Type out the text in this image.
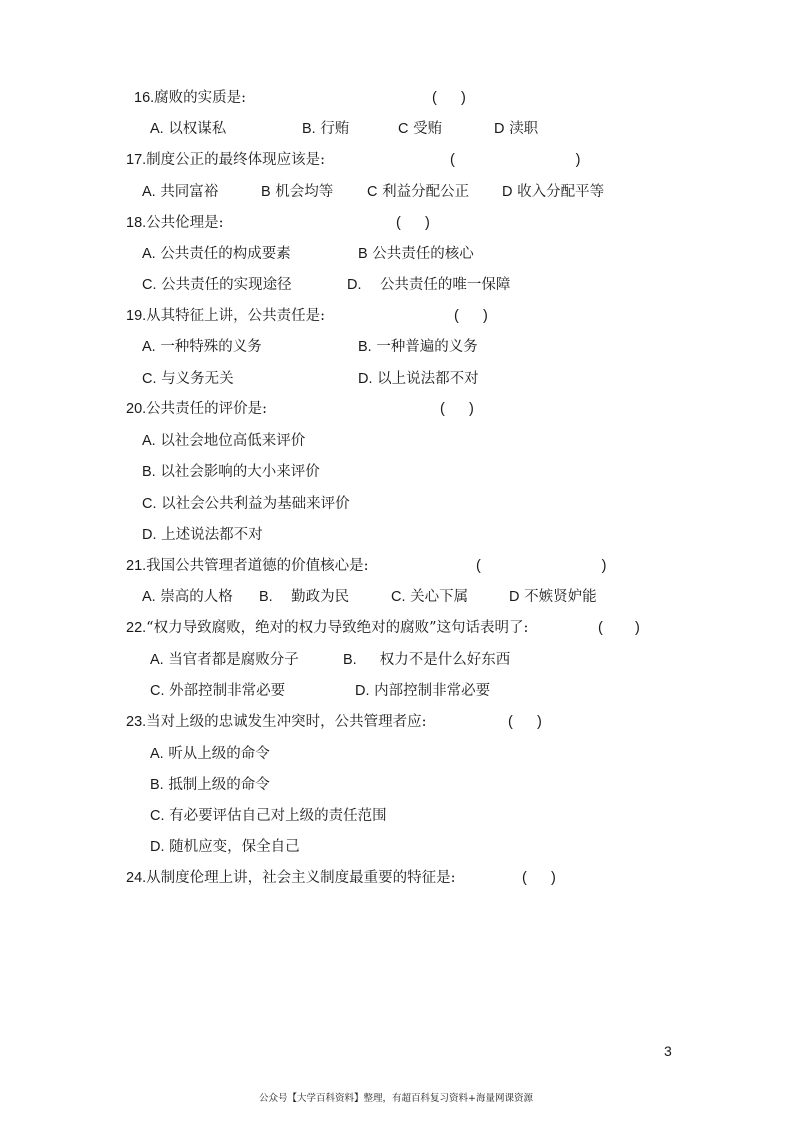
16.腐败的实质是:	(      )
A. 以权谋私	B. 行贿	C 受贿	D 渎职
17.制度公正的最终体现应该是:	(                              )
A. 共同富裕	B 机会均等 C 利益分配公正 D 收入分配平等
18.公共伦理是:	(      )
A. 公共责任的构成要素	B 公共责任的核心
C. 公共责任的实现途径	D. 公共责任的唯一保障
19.从其特征上讲，公共责任是:	(      )
A. 一种特殊的义务	B. 一种普遍的义务
C. 与义务无关	D. 以上说法都不对
20.公共责任的评价是:	(      )
A. 以社会地位高低来评价
B. 以社会影响的大小来评价
C. 以社会公共利益为基础来评价
D. 上述说法都不对
21.我国公共管理者道德的价值核心是:	(                              )
A. 崇高的人格 B. 勤政为民	C. 关心下属	D 不嫉贤妒能
22.“权力导致腐败，绝对的权力导致绝对的腐败”这句话表明了:	(        )
A. 当官者都是腐败分子	B. 权力不是什么好东西
C. 外部控制非常必要	D. 内部控制非常必要
23.当对上级的忠诚发生冲突时，公共管理者应:	(      )
A. 听从上级的命令
B. 抵制上级的命令
C. 有必要评估自己对上级的责任范围
D. 随机应变，保全自己
24.从制度伦理上讲，社会主义制度最重要的特征是:	(      )
3
公众号【大学百科资料】整理，有超百科复习资料+海量网课资源
